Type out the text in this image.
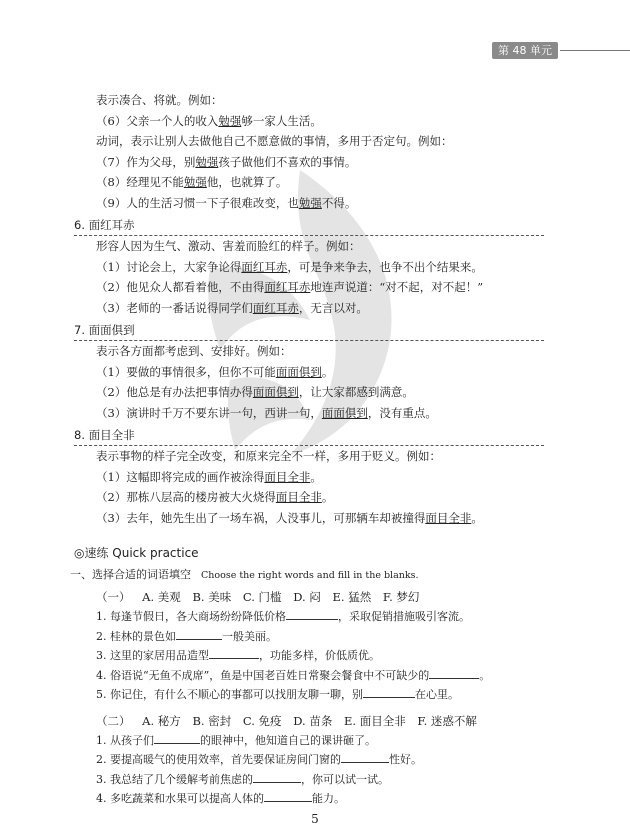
第 48 单元
表示凑合、将就。例如：
（6）父亲一个人的收入勉强够一家人生活。
动词，表示让别人去做他自己不愿意做的事情，多用于否定句。例如：
（7）作为父母，别勉强孩子做他们不喜欢的事情。
（8）经理见不能勉强他，也就算了。
（9）人的生活习惯一下子很难改变，也勉强不得。
6. 面红耳赤
形容人因为生气、激动、害羞而脸红的样子。例如：
（1）讨论会上，大家争论得面红耳赤，可是争来争去，也争不出个结果来。
（2）他见众人都看着他，不由得面红耳赤地连声说道：“对不起，对不起！”
（3）老师的一番话说得同学们面红耳赤，无言以对。
7. 面面俱到
表示各方面都考虑到、安排好。例如：
（1）要做的事情很多，但你不可能面面俱到。
（2）他总是有办法把事情办得面面俱到，让大家都感到满意。
（3）演讲时千万不要东讲一句，西讲一句，面面俱到，没有重点。
8. 面目全非
表示事物的样子完全改变，和原来完全不一样，多用于贬义。例如：
（1）这幅即将完成的画作被涂得面目全非。
（2）那栋八层高的楼房被大火烧得面目全非。
（3）去年，她先生出了一场车祸，人没事儿，可那辆车却被撞得面目全非。
◎速练 Quick practice
一、选择合适的词语填空 Choose the right words and fill in the blanks.
（一） A. 美观 B. 美味 C. 门槛 D. 闷 E. 猛然 F. 梦幻
1. 每逢节假日，各大商场纷纷降低价格	，采取促销措施吸引客流。
2. 桂林的景色如	一般美丽。
3. 这里的家居用品造型	，功能多样，价低质优。
4. 俗语说“无鱼不成席”，鱼是中国老百姓日常聚会餐食中不可缺少的	。
5. 你记住，有什么不顺心的事都可以找朋友聊一聊，别	在心里。
（二） A. 秘方 B. 密封 C. 免疫 D. 苗条 E. 面目全非 F. 迷惑不解
1. 从孩子们	的眼神中，他知道自己的课讲砸了。
2. 要提高暖气的使用效率，首先要保证房间门窗的	性好。
3. 我总结了几个缓解考前焦虑的	，你可以试一试。
4. 多吃蔬菜和水果可以提高人体的	能力。
5
